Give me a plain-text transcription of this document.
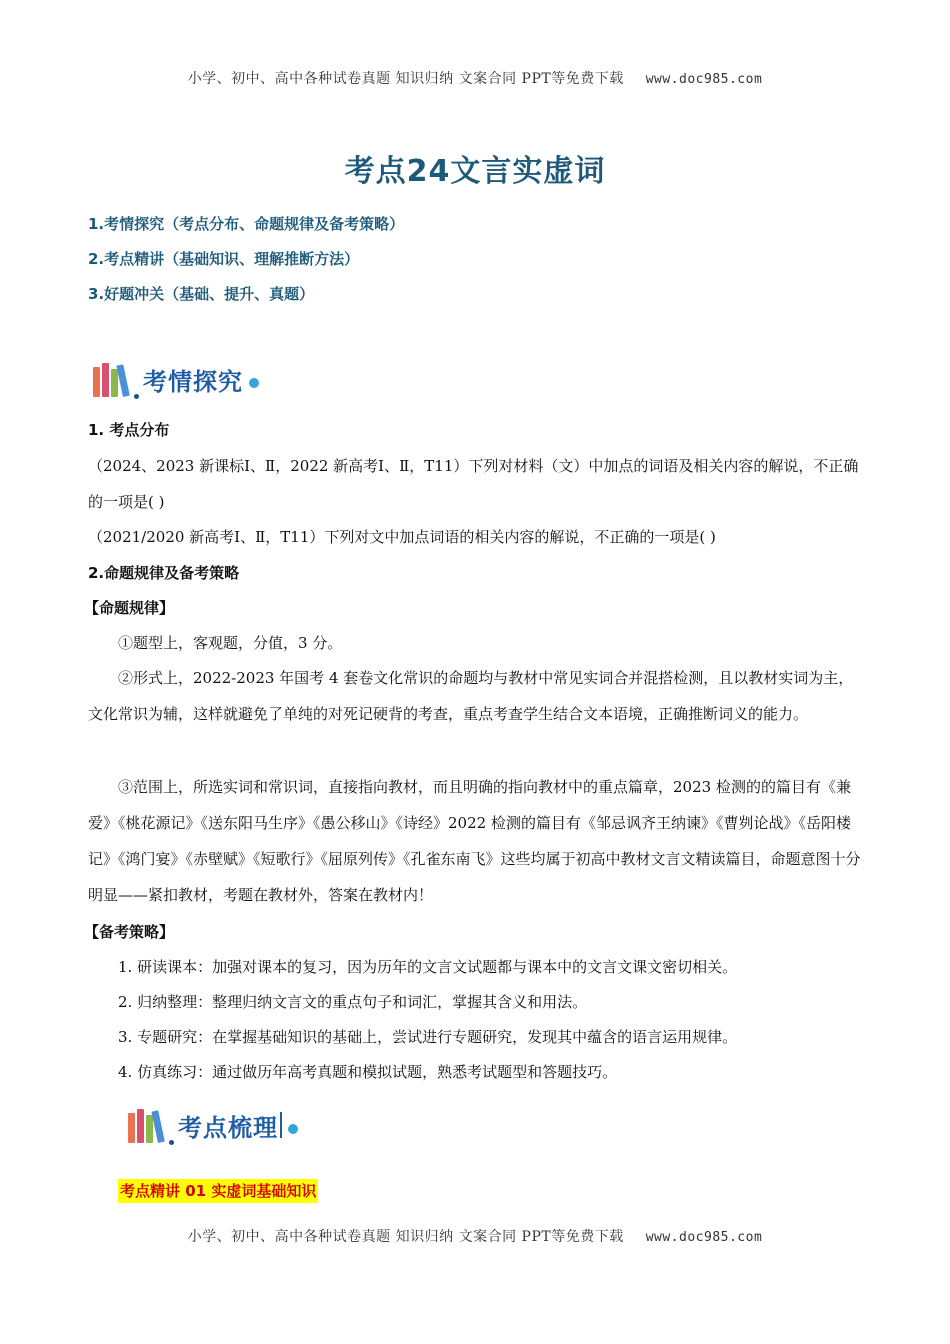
小学、初中、高中各种试卷真题 知识归纳 文案合同 PPT等免费下载 www.doc985.com
考点24文言实虚词
1.考情探究（考点分布、命题规律及备考策略）
2.考点精讲（基础知识、理解推断方法）
3.好题冲关（基础、提升、真题）
考情探究
1. 考点分布
（2024、2023 新课标Ⅰ、Ⅱ，2022 新高考Ⅰ、Ⅱ，T11）下列对材料（文）中加点的词语及相关内容的解说，不正确的一项是( )
（2021/2020 新高考Ⅰ、Ⅱ，T11）下列对文中加点词语的相关内容的解说，不正确的一项是( )
2.命题规律及备考策略
【命题规律】
①题型上，客观题，分值，3 分。
②形式上，2022-2023 年国考 4 套卷文化常识的命题均与教材中常见实词合并混搭检测，且以教材实词为主，文化常识为辅，这样就避免了单纯的对死记硬背的考查，重点考查学生结合文本语境，正确推断词义的能力。
③范围上，所选实词和常识词，直接指向教材，而且明确的指向教材中的重点篇章，2023 检测的的篇目有《兼爱》《桃花源记》《送东阳马生序》《愚公移山》《诗经》2022 检测的篇目有《邹忌讽齐王纳谏》《曹刿论战》《岳阳楼记》《鸿门宴》《赤壁赋》《短歌行》《屈原列传》《孔雀东南飞》这些均属于初高中教材文言文精读篇目，命题意图十分明显——紧扣教材，考题在教材外，答案在教材内！
【备考策略】
1. 研读课本：加强对课本的复习，因为历年的文言文试题都与课本中的文言文课文密切相关。
2. 归纳整理：整理归纳文言文的重点句子和词汇，掌握其含义和用法。
3. 专题研究：在掌握基础知识的基础上，尝试进行专题研究，发现其中蕴含的语言运用规律。
4. 仿真练习：通过做历年高考真题和模拟试题，熟悉考试题型和答题技巧。
考点梳理
考点精讲 01 实虚词基础知识
小学、初中、高中各种试卷真题 知识归纳 文案合同 PPT等免费下载 www.doc985.com
